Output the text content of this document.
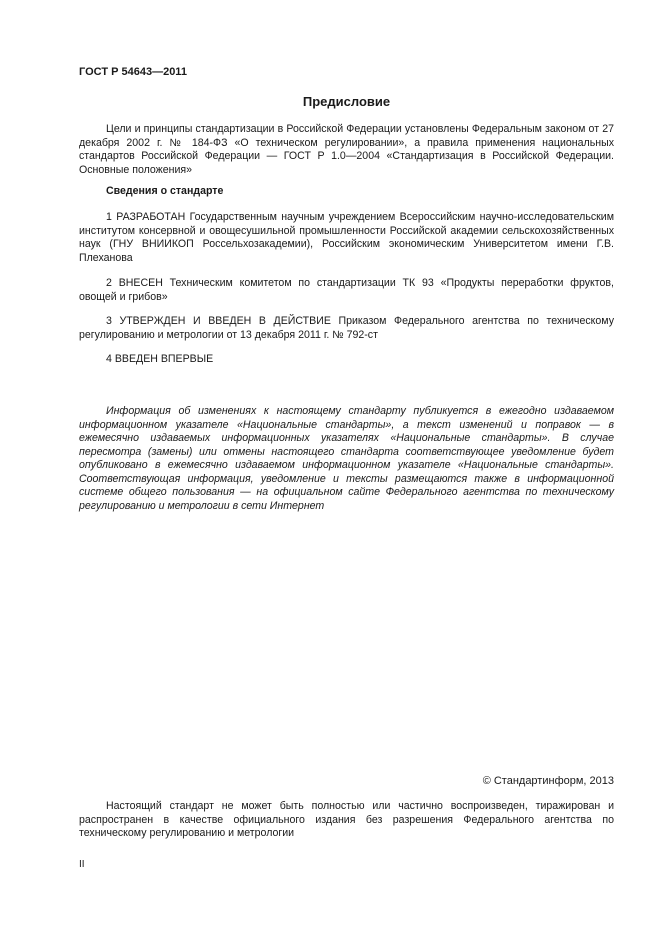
ГОСТ Р 54643—2011
Предисловие
Цели и принципы стандартизации в Российской Федерации установлены Федеральным законом от 27 декабря 2002 г. № 184-ФЗ «О техническом регулировании», а правила применения национальных стандартов Российской Федерации — ГОСТ Р 1.0—2004 «Стандартизация в Российской Федерации. Основные положения»
Сведения о стандарте
1 РАЗРАБОТАН Государственным научным учреждением Всероссийским научно-исследовательским институтом консервной и овощесушильной промышленности Российской академии сельскохозяйственных наук (ГНУ ВНИИКОП Россельхозакадемии), Российским экономическим Университетом имени Г.В. Плеханова
2 ВНЕСЕН Техническим комитетом по стандартизации ТК 93 «Продукты переработки фруктов, овощей и грибов»
3 УТВЕРЖДЕН И ВВЕДЕН В ДЕЙСТВИЕ Приказом Федерального агентства по техническому регулированию и метрологии от 13 декабря 2011 г. № 792-ст
4 ВВЕДЕН ВПЕРВЫЕ
Информация об изменениях к настоящему стандарту публикуется в ежегодно издаваемом информационном указателе «Национальные стандарты», а текст изменений и поправок — в ежемесячно издаваемых информационных указателях «Национальные стандарты». В случае пересмотра (замены) или отмены настоящего стандарта соответствующее уведомление будет опубликовано в ежемесячно издаваемом информационном указателе «Национальные стандарты». Соответствующая информация, уведомление и тексты размещаются также в информационной системе общего пользования — на официальном сайте Федерального агентства по техническому регулированию и метрологии в сети Интернет
© Стандартинформ, 2013
Настоящий стандарт не может быть полностью или частично воспроизведен, тиражирован и распространен в качестве официального издания без разрешения Федерального агентства по техническому регулированию и метрологии
II
